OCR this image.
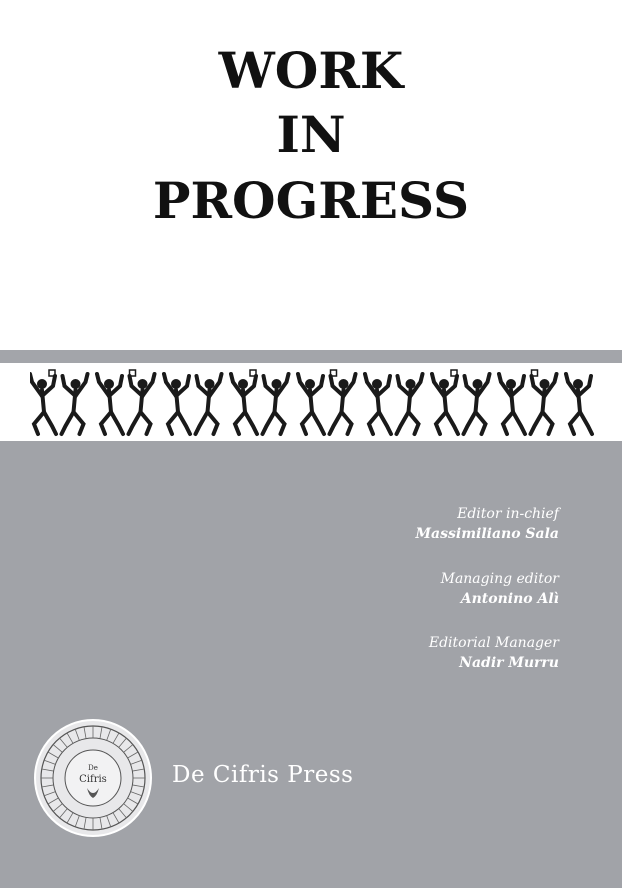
WORK
IN
PROGRESS
Editor in-chief
Massimiliano Sala
Managing editor
Antonino Alì
Editorial Manager
Nadir Murru
De
Cifris	De Cifris Press
